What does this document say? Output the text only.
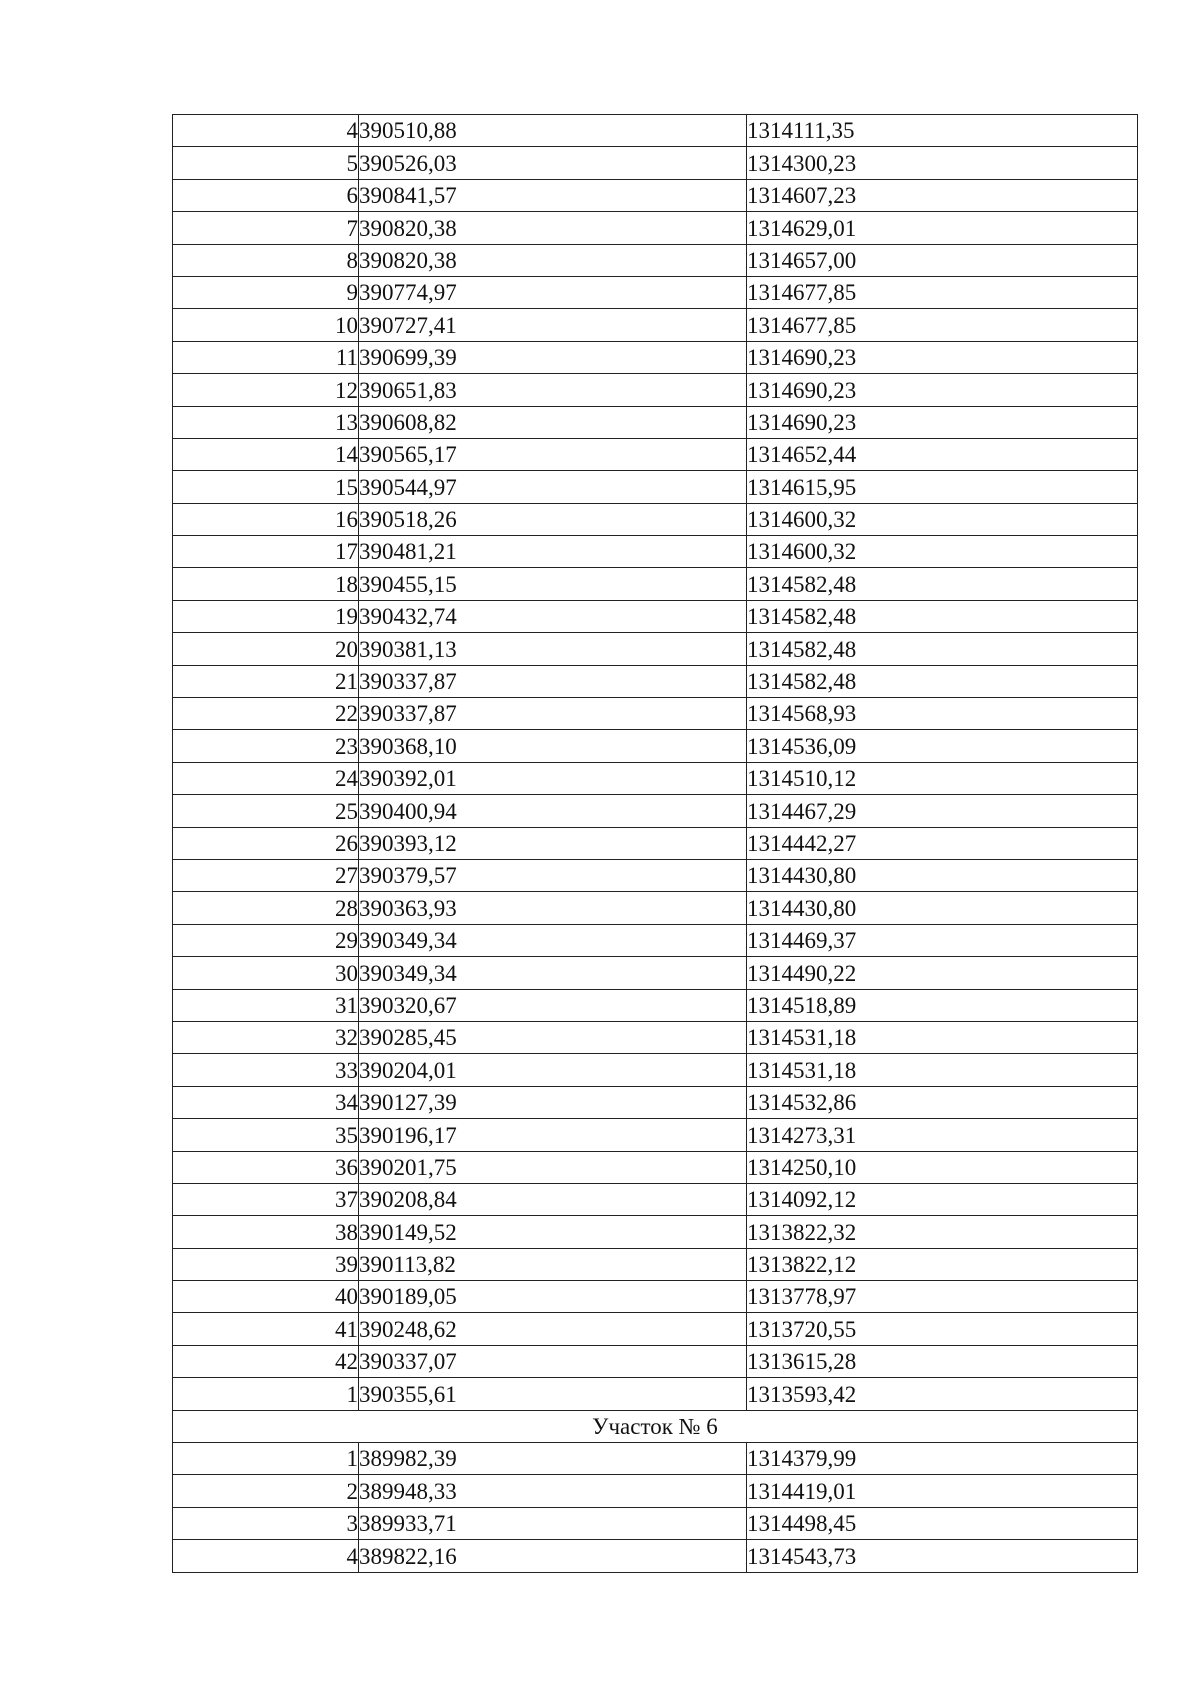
4	390510,88	1314111,35
5	390526,03	1314300,23
6	390841,57	1314607,23
7	390820,38	1314629,01
8	390820,38	1314657,00
9	390774,97	1314677,85
10	390727,41	1314677,85
11	390699,39	1314690,23
12	390651,83	1314690,23
13	390608,82	1314690,23
14	390565,17	1314652,44
15	390544,97	1314615,95
16	390518,26	1314600,32
17	390481,21	1314600,32
18	390455,15	1314582,48
19	390432,74	1314582,48
20	390381,13	1314582,48
21	390337,87	1314582,48
22	390337,87	1314568,93
23	390368,10	1314536,09
24	390392,01	1314510,12
25	390400,94	1314467,29
26	390393,12	1314442,27
27	390379,57	1314430,80
28	390363,93	1314430,80
29	390349,34	1314469,37
30	390349,34	1314490,22
31	390320,67	1314518,89
32	390285,45	1314531,18
33	390204,01	1314531,18
34	390127,39	1314532,86
35	390196,17	1314273,31
36	390201,75	1314250,10
37	390208,84	1314092,12
38	390149,52	1313822,32
39	390113,82	1313822,12
40	390189,05	1313778,97
41	390248,62	1313720,55
42	390337,07	1313615,28
1	390355,61	1313593,42
Участок № 6		
1	389982,39	1314379,99
2	389948,33	1314419,01
3	389933,71	1314498,45
4	389822,16	1314543,73
